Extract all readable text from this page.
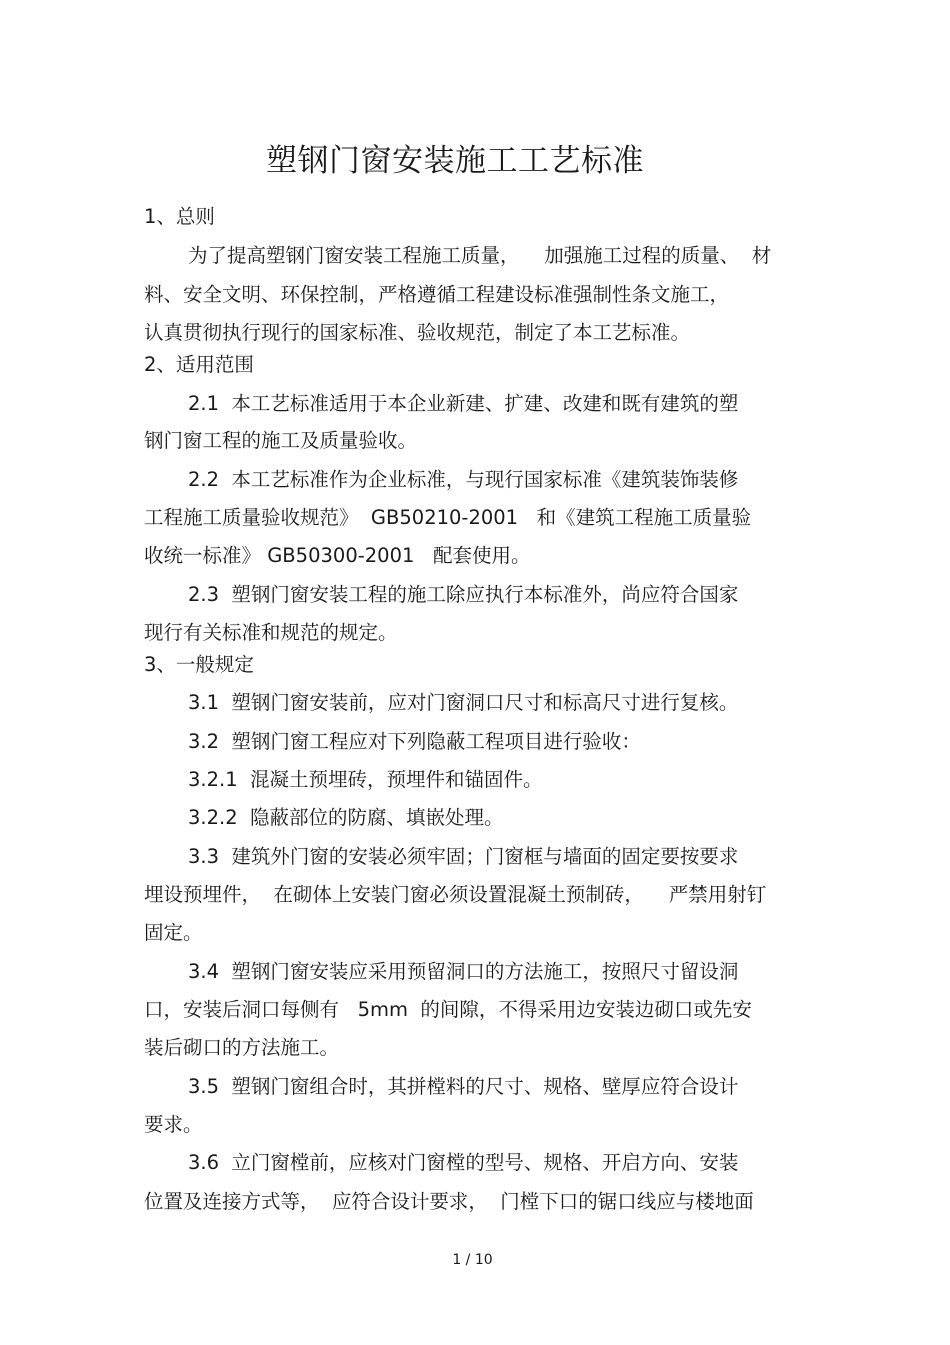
塑钢门窗安装施工工艺标准
1、总则
为了提高塑钢门窗安装工程施工质量，    加强施工过程的质量、  材
料、安全文明、环保控制，严格遵循工程建设标准强制性条文施工，
认真贯彻执行现行的国家标准、验收规范，制定了本工艺标准。
2、适用范围
2.1  本工艺标准适用于本企业新建、扩建、改建和既有建筑的塑
钢门窗工程的施工及质量验收。
2.2  本工艺标准作为企业标准，与现行国家标准《建筑装饰装修
工程施工质量验收规范》  GB50210-2001   和《建筑工程施工质量验
收统一标准》 GB50300-2001   配套使用。
2.3  塑钢门窗安装工程的施工除应执行本标准外，尚应符合国家
现行有关标准和规范的规定。
3、一般规定
3.1  塑钢门窗安装前，应对门窗洞口尺寸和标高尺寸进行复核。
3.2  塑钢门窗工程应对下列隐蔽工程项目进行验收：
3.2.1  混凝土预埋砖，预埋件和锚固件。
3.2.2  隐蔽部位的防腐、填嵌处理。
3.3  建筑外门窗的安装必须牢固；门窗框与墙面的固定要按要求
埋设预埋件，  在砌体上安装门窗必须设置混凝土预制砖，    严禁用射钉
固定。
3.4  塑钢门窗安装应采用预留洞口的方法施工，按照尺寸留设洞
口，安装后洞口每侧有   5mm  的间隙，不得采用边安装边砌口或先安
装后砌口的方法施工。
3.5  塑钢门窗组合时，其拼樘料的尺寸、规格、壁厚应符合设计
要求。
3.6  立门窗樘前，应核对门窗樘的型号、规格、开启方向、安装
位置及连接方式等，  应符合设计要求，  门樘下口的锯口线应与楼地面
1 / 10
